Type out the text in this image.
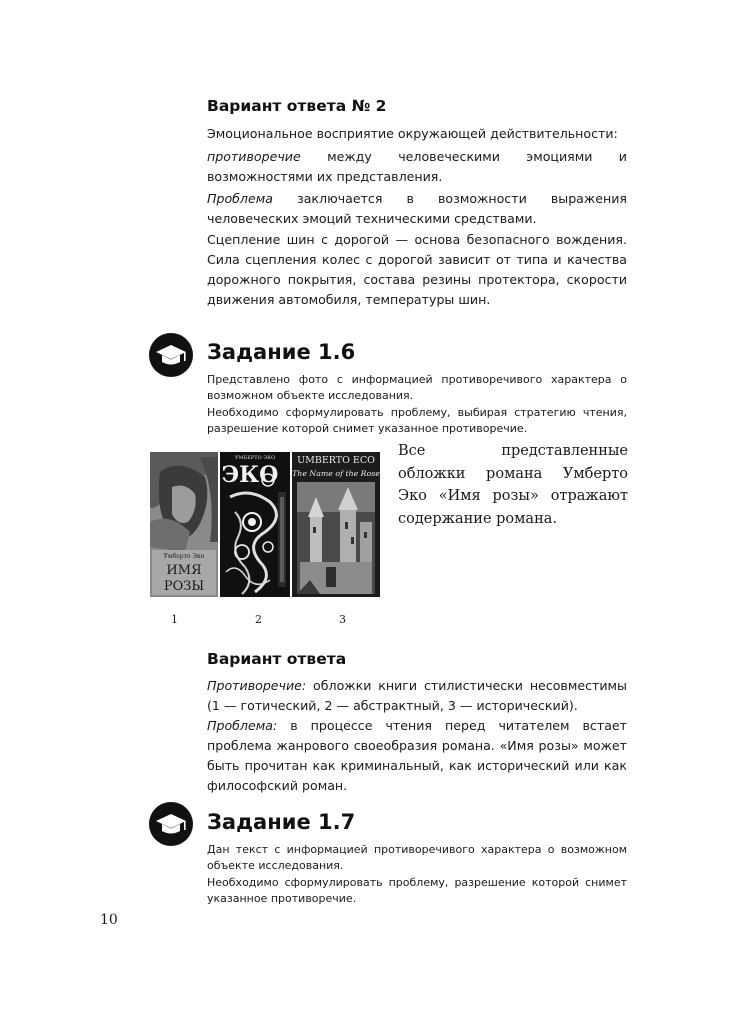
Вариант ответа № 2

Эмоциональное восприятие окружающей действительности:

противоречие между человеческими эмоциями и возможностями их представления.

Проблема заключается в возможности выражения человеческих эмоций техническими средствами.

Сцепление шин с дорогой — основа безопасного вождения. Сила сцепления колес с дорогой зависит от типа и качества дорожного покрытия, состава резины протектора, скорости движения автомобиля, температуры шин.

Задание 1.6

Представлено фото с информацией противоречивого характера о возможном объекте исследования.

Необходимо сформулировать проблему, выбирая стратегию чтения, разрешение которой снимет указанное противоречие.

Умберто Эко
ИМЯ
РОЗЫ
УМБЕРТО ЭКО
ЭКО
UMBERTO ECO
The Name of the Rose
1	2	3

Все представленные обложки романа Умберто Эко «Имя розы» отражают содержание романа.

Вариант ответа

Противоречие: обложки книги стилистически несовместимы (1 — готический, 2 — абстрактный, 3 — исторический).

Проблема: в процессе чтения перед читателем встает проблема жанрового своеобразия романа. «Имя розы» может быть прочитан как криминальный, как исторический или как философский роман.

Задание 1.7

Дан текст с информацией противоречивого характера о возможном объекте исследования.

Необходимо сформулировать проблему, разрешение которой снимет указанное противоречие.

10
